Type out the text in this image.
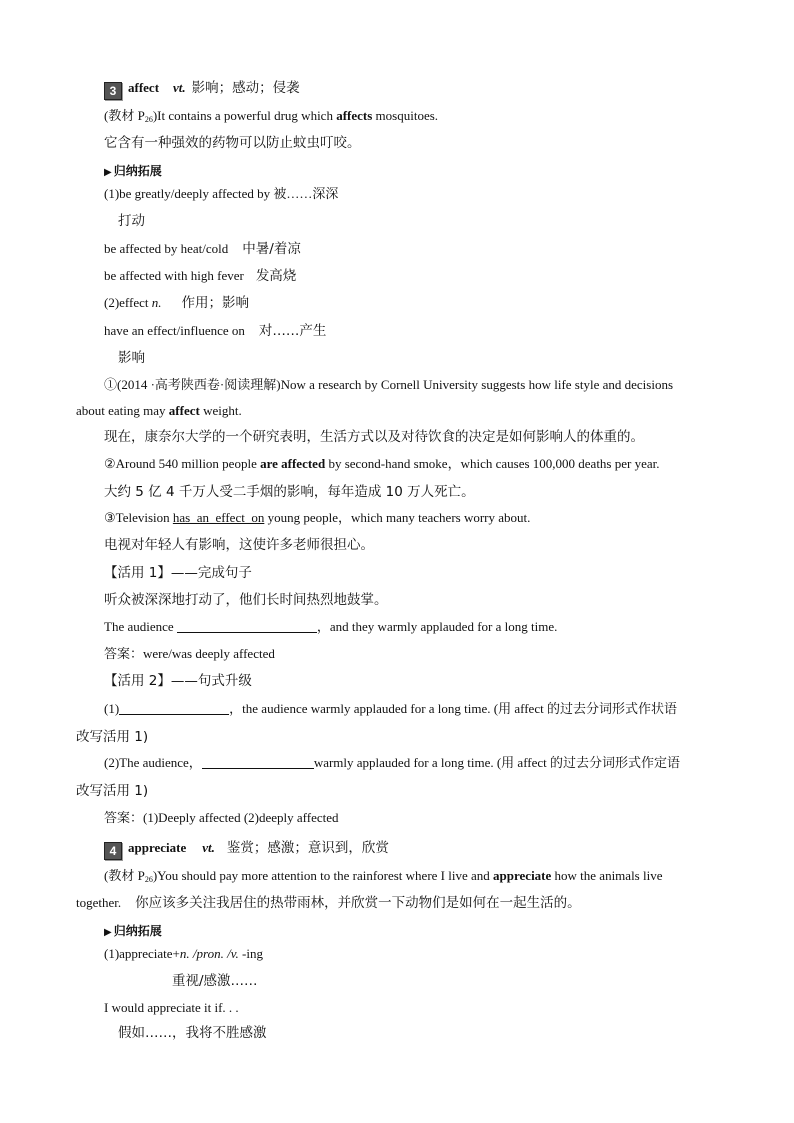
3 affect vt. 影响；感动；侵袭
(教材 $P_{26})It$ contains a powerful drug which affects mosquitoes.
它含有一种强效的药物可以防止蚊虫叮咬。
▶ 归纳拓展
(1)be greatly/deeply affected by 被……深深
打动
be affected by heat/cold 中暑/着凉
be affected with high fever 发高烧
(2)effect n. 作用；影响
have an effect/influence on 对……产生
影响
①(2014 ·高考陕西卷·阅读理解)Now a research by Cornell University suggests how life style and decisions
about eating may affect weight.
现在，康奈尔大学的一个研究表明，生活方式以及对待饮食的决定是如何影响人的体重的。
②Around 540 million people are affected by second-hand smoke，which causes 100,000 deaths per year.
大约 5 亿 4 千万人受二手烟的影响，每年造成 10 万人死亡。
③Television has_an_effect_on young people，which many teachers worry about.
电视对年轻人有影响，这使许多老师很担心。
【活用 1】——完成句子
听众被深深地打动了，他们长时间热烈地鼓掌。
The audience	，and they warmly applauded for a long time.
答案：were/was deeply affected
【活用 2】——句式升级
(1)	，the audience warmly applauded for a long time. (用 affect 的过去分词形式作状语
改写活用 1)
(2)The audience，	warmly applauded for a long time. (用 affect 的过去分词形式作定语
改写活用 1)
答案：(1)Deeply affected (2)deeply affected
4 appreciate vt. 鉴赏；感激；意识到，欣赏
(教材 $P_{26})You$ should pay more attention to the rainforest where I live and appreciate how the animals live
together. 你应该多关注我居住的热带雨林，并欣赏一下动物们是如何在一起生活的。
▶ 归纳拓展
(1)appreciate+n. /pron. /v. -ing
重视/感激……
I would appreciate it if. . .
假如……，我将不胜感激
